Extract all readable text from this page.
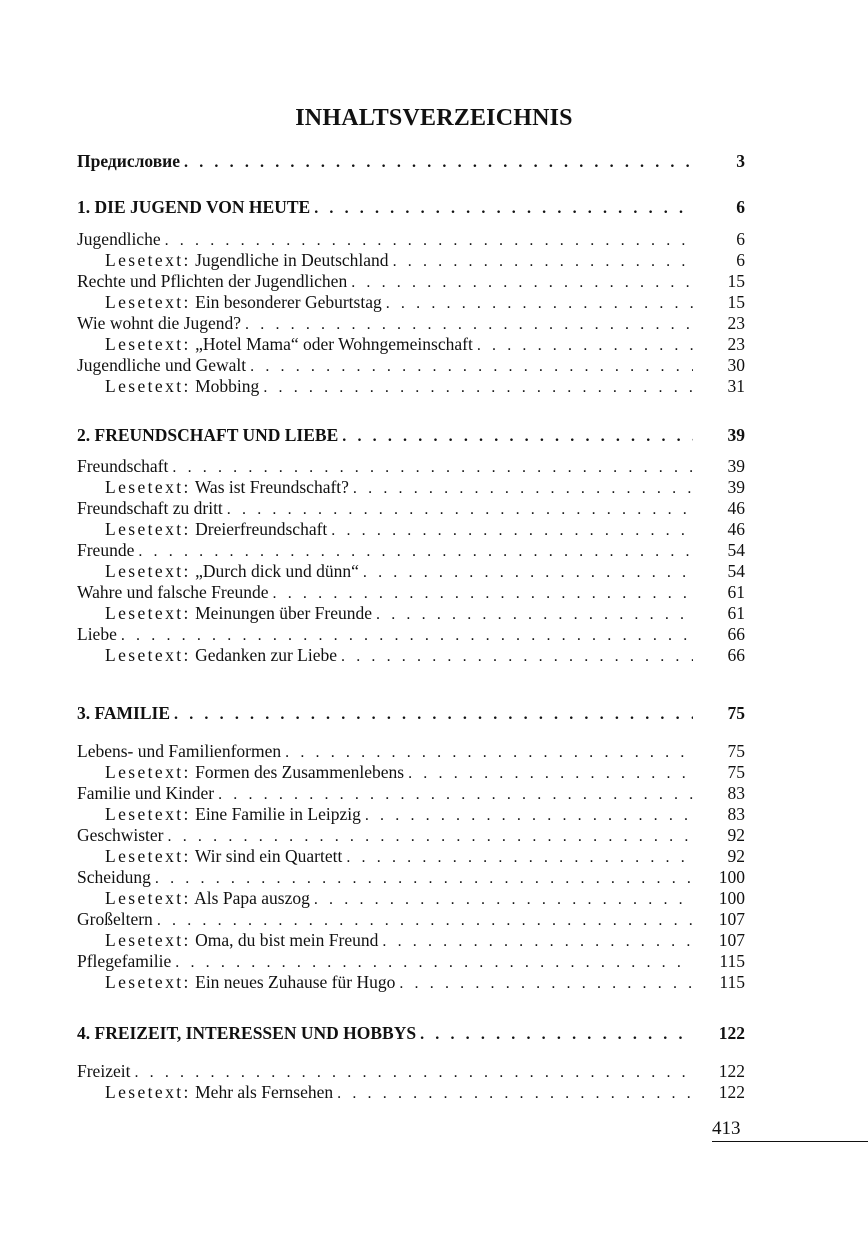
INHALTSVERZEICHNIS
Предисловие . . .	3
1. DIE JUGEND VON HEUTE . . .	6
Jugendliche . . .	6
Lesetext: Jugendliche in Deutschland . . .	6
Rechte und Pflichten der Jugendlichen . . .	15
Lesetext: Ein besonderer Geburtstag . . .	15
Wie wohnt die Jugend? . . .	23
Lesetext: „Hotel Mama“ oder Wohngemeinschaft . . .	23
Jugendliche und Gewalt . . .	30
Lesetext: Mobbing . . .	31
2. FREUNDSCHAFT UND LIEBE . . .	39
Freundschaft . . .	39
Lesetext: Was ist Freundschaft? . . .	39
Freundschaft zu dritt . . .	46
Lesetext: Dreierfreundschaft . . .	46
Freunde . . .	54
Lesetext: „Durch dick und dünn“ . . .	54
Wahre und falsche Freunde . . .	61
Lesetext: Meinungen über Freunde . . .	61
Liebe . . .	66
Lesetext: Gedanken zur Liebe . . .	66
3. FAMILIE . . .	75
Lebens- und Familienformen . . .	75
Lesetext: Formen des Zusammenlebens . . .	75
Familie und Kinder . . .	83
Lesetext: Eine Familie in Leipzig . . .	83
Geschwister . . .	92
Lesetext: Wir sind ein Quartett . . .	92
Scheidung . . .	100
Lesetext: Als Papa auszog . . .	100
Großeltern . . .	107
Lesetext: Oma, du bist mein Freund . . .	107
Pflegefamilie . . .	115
Lesetext: Ein neues Zuhause für Hugo . . .	115
4. FREIZEIT, INTERESSEN UND HOBBYS . . .	122
Freizeit . . .	122
Lesetext: Mehr als Fernsehen . . .	122
413
